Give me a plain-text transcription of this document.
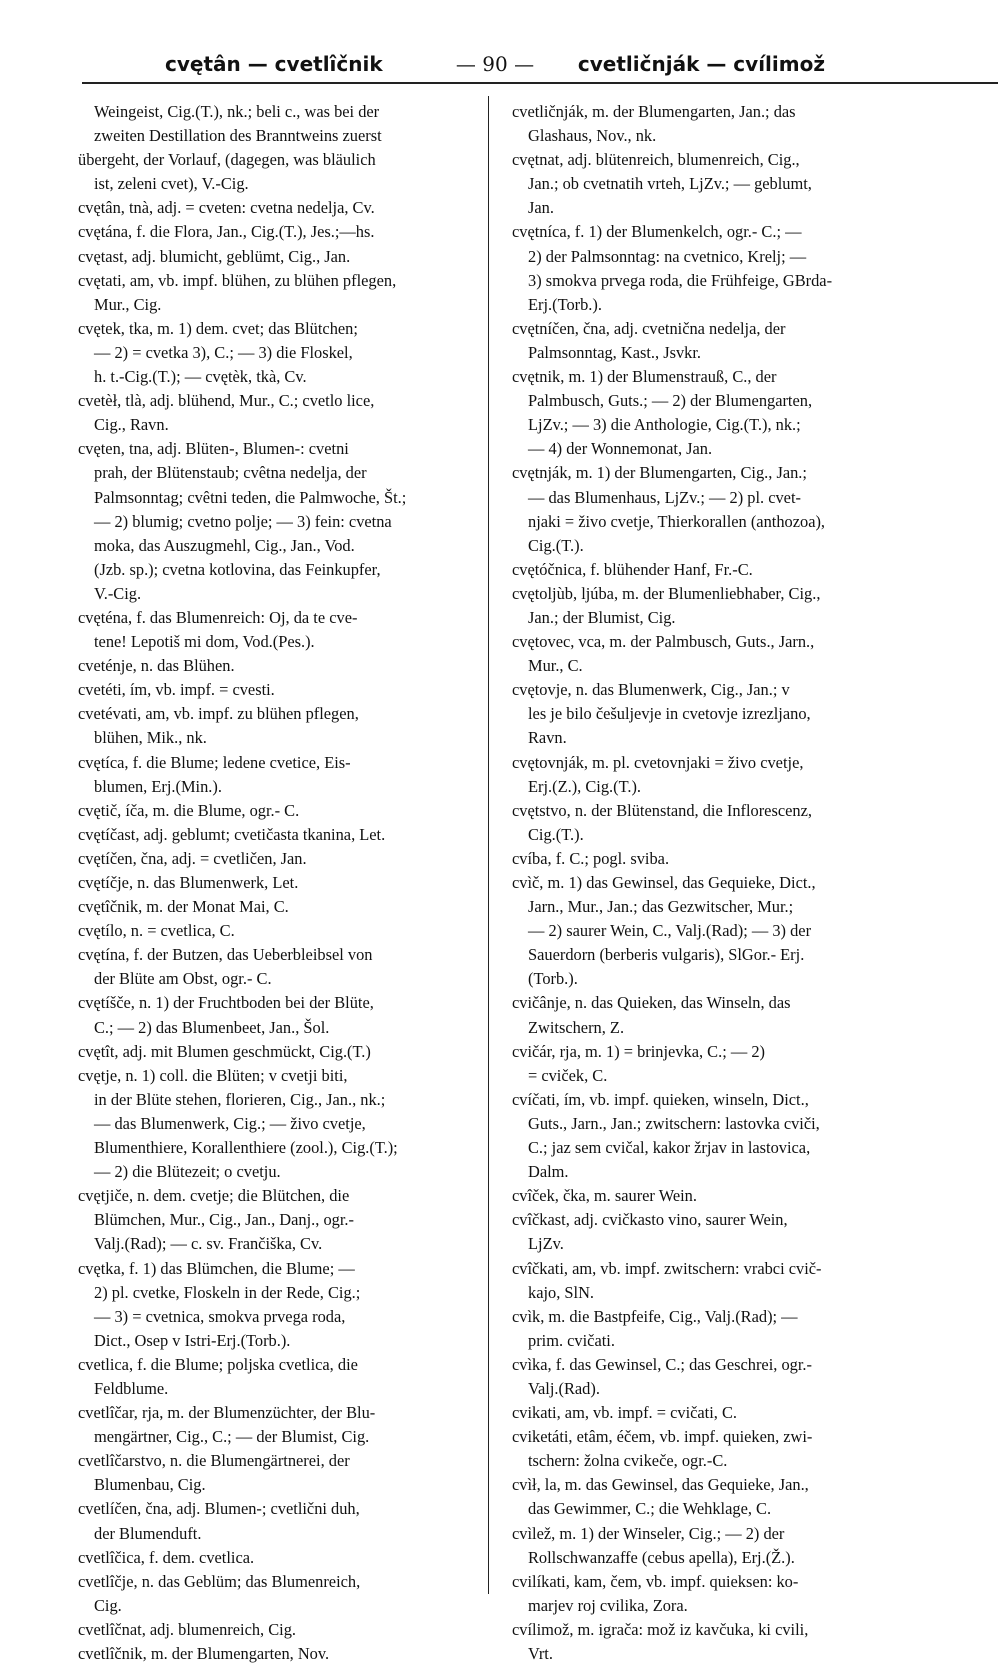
cvętân — cvetlîčnik	— 90 —	cvetličnják — cvílimož
Weingeist, Cig.(T.), nk.; beli c., was bei der
zweiten Destillation des Branntweins zuerst
übergeht, der Vorlauf, (dagegen, was bläulich
ist, zeleni cvet), V.-Cig.
cvętân, tnà, adj. = cveten: cvetna nedelja, Cv.
cvętána, f. die Flora, Jan., Cig.(T.), Jes.;—hs.
cvętast, adj. blumicht, geblümt, Cig., Jan.
cvętati, am, vb. impf. blühen, zu blühen pflegen,
Mur., Cig.
cvętek, tka, m. 1) dem. cvet; das Blütchen;
— 2) = cvetka 3), C.; — 3) die Floskel,
h. t.-Cig.(T.); — cvętèk, tkà, Cv.
cvetèł, tlà, adj. blühend, Mur., C.; cvetlo lice,
Cig., Ravn.
cvęten, tna, adj. Blüten-, Blumen-: cvetni
prah, der Blütenstaub; cvêtna nedelja, der
Palmsonntag; cvêtni teden, die Palmwoche, Št.;
— 2) blumig; cvetno polje; — 3) fein: cvetna
moka, das Auszugmehl, Cig., Jan., Vod.
(Jzb. sp.); cvetna kotlovina, das Feinkupfer,
V.-Cig.
cvęténa, f. das Blumenreich: Oj, da te cve-
tene! Lepotiš mi dom, Vod.(Pes.).
cveténje, n. das Blühen.
cvetéti, ím, vb. impf. = cvesti.
cvetévati, am, vb. impf. zu blühen pflegen,
blühen, Mik., nk.
cvętíca, f. die Blume; ledene cvetice, Eis-
blumen, Erj.(Min.).
cvętič, íča, m. die Blume, ogr.- C.
cvętíčast, adj. geblumt; cvetičasta tkanina, Let.
cvętíčen, čna, adj. = cvetličen, Jan.
cvętíčje, n. das Blumenwerk, Let.
cvętîčnik, m. der Monat Mai, C.
cvętílo, n. = cvetlica, C.
cvętína, f. der Butzen, das Ueberbleibsel von
der Blüte am Obst, ogr.- C.
cvętíšče, n. 1) der Fruchtboden bei der Blüte,
C.; — 2) das Blumenbeet, Jan., Šol.
cvętît, adj. mit Blumen geschmückt, Cig.(T.)
cvętje, n. 1) coll. die Blüten; v cvetji biti,
in der Blüte stehen, florieren, Cig., Jan., nk.;
— das Blumenwerk, Cig.; — živo cvetje,
Blumenthiere, Korallenthiere (zool.), Cig.(T.);
— 2) die Blütezeit; o cvetju.
cvętjiče, n. dem. cvetje; die Blütchen, die
Blümchen, Mur., Cig., Jan., Danj., ogr.-
Valj.(Rad); — c. sv. Frančiška, Cv.
cvętka, f. 1) das Blümchen, die Blume; —
2) pl. cvetke, Floskeln in der Rede, Cig.;
— 3) = cvetnica, smokva prvega roda,
Dict., Osep v Istri-Erj.(Torb.).
cvetlica, f. die Blume; poljska cvetlica, die
Feldblume.
cvetlîčar, rja, m. der Blumenzüchter, der Blu-
mengärtner, Cig., C.; — der Blumist, Cig.
cvetlîčarstvo, n. die Blumengärtnerei, der
Blumenbau, Cig.
cvetlíčen, čna, adj. Blumen-; cvetlični duh,
der Blumenduft.
cvetlîčica, f. dem. cvetlica.
cvetlîčje, n. das Geblüm; das Blumenreich,
Cig.
cvetlîčnat, adj. blumenreich, Cig.
cvetlîčnik, m. der Blumengarten, Nov.
cvetličnják, m. der Blumengarten, Jan.; das
Glashaus, Nov., nk.
cvętnat, adj. blütenreich, blumenreich, Cig.,
Jan.; ob cvetnatih vrteh, LjZv.; — geblumt,
Jan.
cvętníca, f. 1) der Blumenkelch, ogr.- C.; —
2) der Palmsonntag: na cvetnico, Krelj; —
3) smokva prvega roda, die Frühfeige, GBrda-
Erj.(Torb.).
cvętníčen, čna, adj. cvetnična nedelja, der
Palmsonntag, Kast., Jsvkr.
cvętnik, m. 1) der Blumenstrauß, C., der
Palmbusch, Guts.; — 2) der Blumengarten,
LjZv.; — 3) die Anthologie, Cig.(T.), nk.;
— 4) der Wonnemonat, Jan.
cvętnják, m. 1) der Blumengarten, Cig., Jan.;
— das Blumenhaus, LjZv.; — 2) pl. cvet-
njaki = živo cvetje, Thierkorallen (anthozoa),
Cig.(T.).
cvętóčnica, f. blühender Hanf, Fr.-C.
cvętoljùb, ljúba, m. der Blumenliebhaber, Cig.,
Jan.; der Blumist, Cig.
cvętovec, vca, m. der Palmbusch, Guts., Jarn.,
Mur., C.
cvętovje, n. das Blumenwerk, Cig., Jan.; v
les je bilo češuljevje in cvetovje izrezljano,
Ravn.
cvętovnják, m. pl. cvetovnjaki = živo cvetje,
Erj.(Z.), Cig.(T.).
cvętstvo, n. der Blütenstand, die Inflorescenz,
Cig.(T.).
cvíba, f. C.; pogl. sviba.
cvìč, m. 1) das Gewinsel, das Gequieke, Dict.,
Jarn., Mur., Jan.; das Gezwitscher, Mur.;
— 2) saurer Wein, C., Valj.(Rad); — 3) der
Sauerdorn (berberis vulgaris), SlGor.- Erj.
(Torb.).
cvičânje, n. das Quieken, das Winseln, das
Zwitschern, Z.
cvičár, rja, m. 1) = brinjevka, C.; — 2)
= cviček, C.
cvíčati, ím, vb. impf. quieken, winseln, Dict.,
Guts., Jarn., Jan.; zwitschern: lastovka cviči,
C.; jaz sem cvičal, kakor žrjav in lastovica,
Dalm.
cvîček, čka, m. saurer Wein.
cvîčkast, adj. cvičkasto vino, saurer Wein,
LjZv.
cvîčkati, am, vb. impf. zwitschern: vrabci cvič-
kajo, SlN.
cvìk, m. die Bastpfeife, Cig., Valj.(Rad); —
prim. cvičati.
cvìka, f. das Gewinsel, C.; das Geschrei, ogr.-
Valj.(Rad).
cvikati, am, vb. impf. = cvičati, C.
cviketáti, etâm, éčem, vb. impf. quieken, zwi-
tschern: žolna cvikeče, ogr.-C.
cvìł, la, m. das Gewinsel, das Gequieke, Jan.,
das Gewimmer, C.; die Wehklage, C.
cvìlež, m. 1) der Winseler, Cig.; — 2) der
Rollschwanzaffe (cebus apella), Erj.(Ž.).
cvilíkati, kam, čem, vb. impf. quieksen: ko-
marjev roj cvilika, Zora.
cvílimož, m. igrača: mož iz kavčuka, ki cvili,
Vrt.
